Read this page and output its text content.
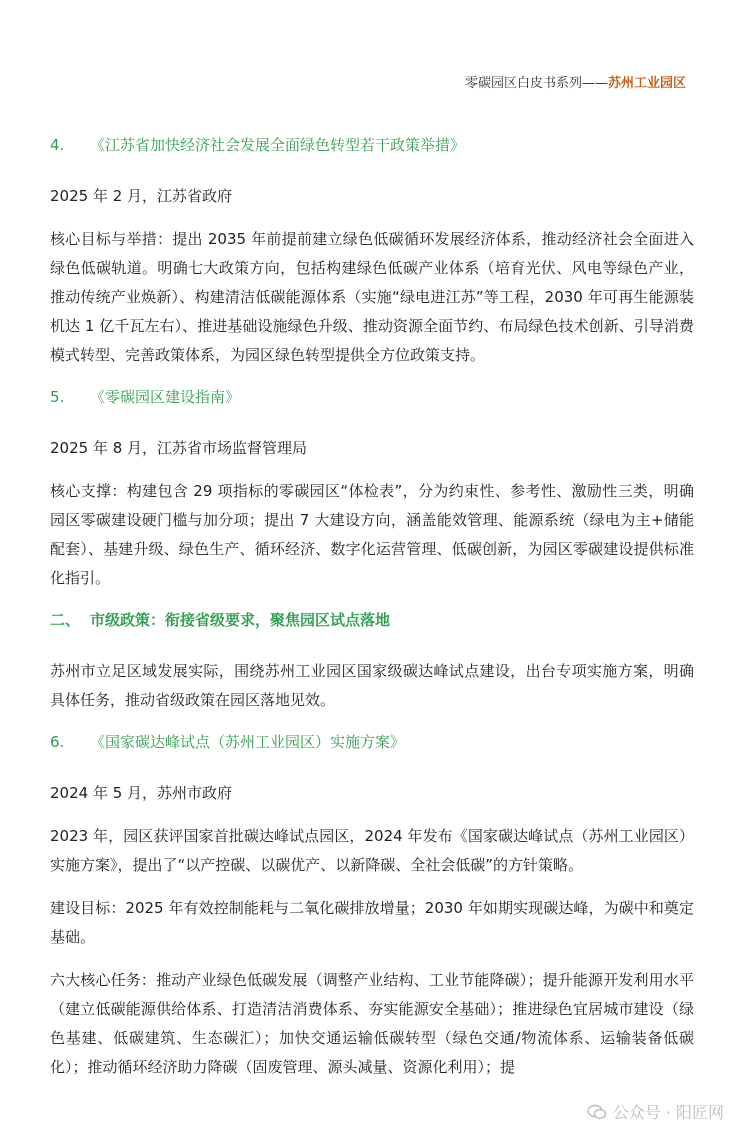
零碳园区白皮书系列——苏州工业园区
4. 《江苏省加快经济社会发展全面绿色转型若干政策举措》

2025 年 2 月，江苏省政府

核心目标与举措：提出 2035 年前提前建立绿色低碳循环发展经济体系，推动经济社会全面进入绿色低碳轨道。明确七大政策方向，包括构建绿色低碳产业体系（培育光伏、风电等绿色产业，推动传统产业焕新）、构建清洁低碳能源体系（实施“绿电进江苏”等工程，2030 年可再生能源装机达 1 亿千瓦左右）、推进基础设施绿色升级、推动资源全面节约、布局绿色技术创新、引导消费模式转型、完善政策体系，为园区绿色转型提供全方位政策支持。

5. 《零碳园区建设指南》

2025 年 8 月，江苏省市场监督管理局

核心支撑：构建包含 29 项指标的零碳园区“体检表”，分为约束性、参考性、激励性三类，明确园区零碳建设硬门槛与加分项；提出 7 大建设方向，涵盖能效管理、能源系统（绿电为主+储能配套）、基建升级、绿色生产、循环经济、数字化运营管理、低碳创新，为园区零碳建设提供标准化指引。

二、 市级政策：衔接省级要求，聚焦园区试点落地

苏州市立足区域发展实际，围绕苏州工业园区国家级碳达峰试点建设，出台专项实施方案，明确具体任务，推动省级政策在园区落地见效。

6. 《国家碳达峰试点（苏州工业园区）实施方案》

2024 年 5 月，苏州市政府

2023 年，园区获评国家首批碳达峰试点园区，2024 年发布《国家碳达峰试点（苏州工业园区）实施方案》，提出了“以产控碳、以碳优产、以新降碳、全社会低碳”的方针策略。

建设目标：2025 年有效控制能耗与二氧化碳排放增量；2030 年如期实现碳达峰，为碳中和奠定基础。

六大核心任务：推动产业绿色低碳发展（调整产业结构、工业节能降碳）；提升能源开发利用水平（建立低碳能源供给体系、打造清洁消费体系、夯实能源安全基础）；推进绿色宜居城市建设（绿色基建、低碳建筑、生态碳汇）；加快交通运输低碳转型（绿色交通/物流体系、运输装备低碳化）；推动循环经济助力降碳（固废管理、源头减量、资源化利用）；提

公众号 · 阳匠网
